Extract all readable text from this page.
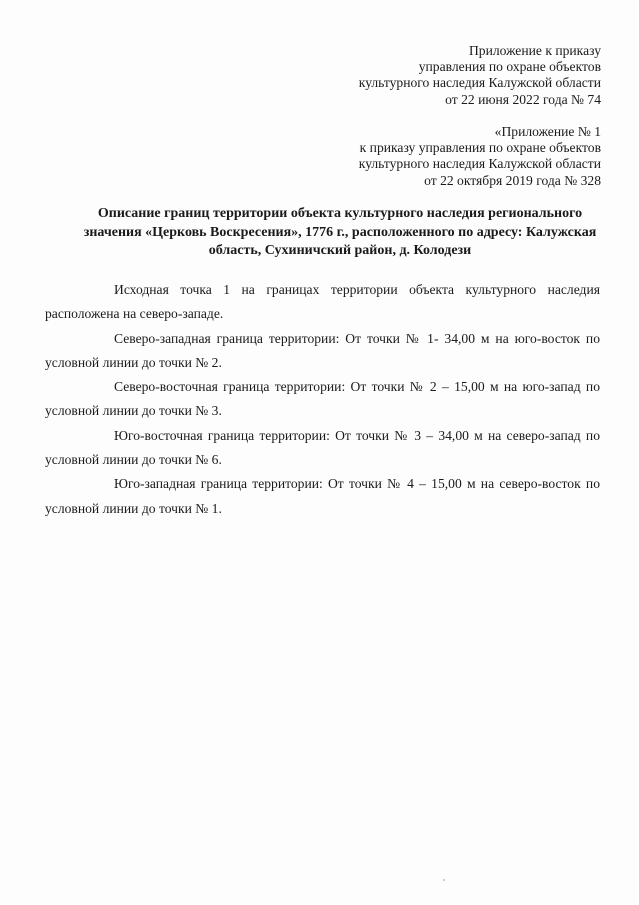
Приложение к приказу
управления по охране объектов
культурного наследия Калужской области
от 22 июня 2022 года № 74
«Приложение № 1
к приказу управления по охране объектов
культурного наследия Калужской области
от 22 октября 2019 года № 328
Описание границ территории объекта культурного наследия регионального
значения «Церковь Воскресения», 1776 г., расположенного по адресу: Калужская
область, Сухиничский район, д. Колодези

Исходная точка 1 на границах территории объекта культурного наследия
расположена на северо-западе.

Северо-западная граница территории: От точки № 1- 34,00 м на юго-восток по
условной линии до точки № 2.

Северо-восточная граница территории: От точки № 2 – 15,00 м на юго-запад по
условной линии до точки № 3.

Юго-восточная граница территории: От точки № 3 – 34,00 м на северо-запад по
условной линии до точки № 6.

Юго-западная граница территории: От точки № 4 – 15,00 м на северо-восток по
условной линии до точки № 1.
